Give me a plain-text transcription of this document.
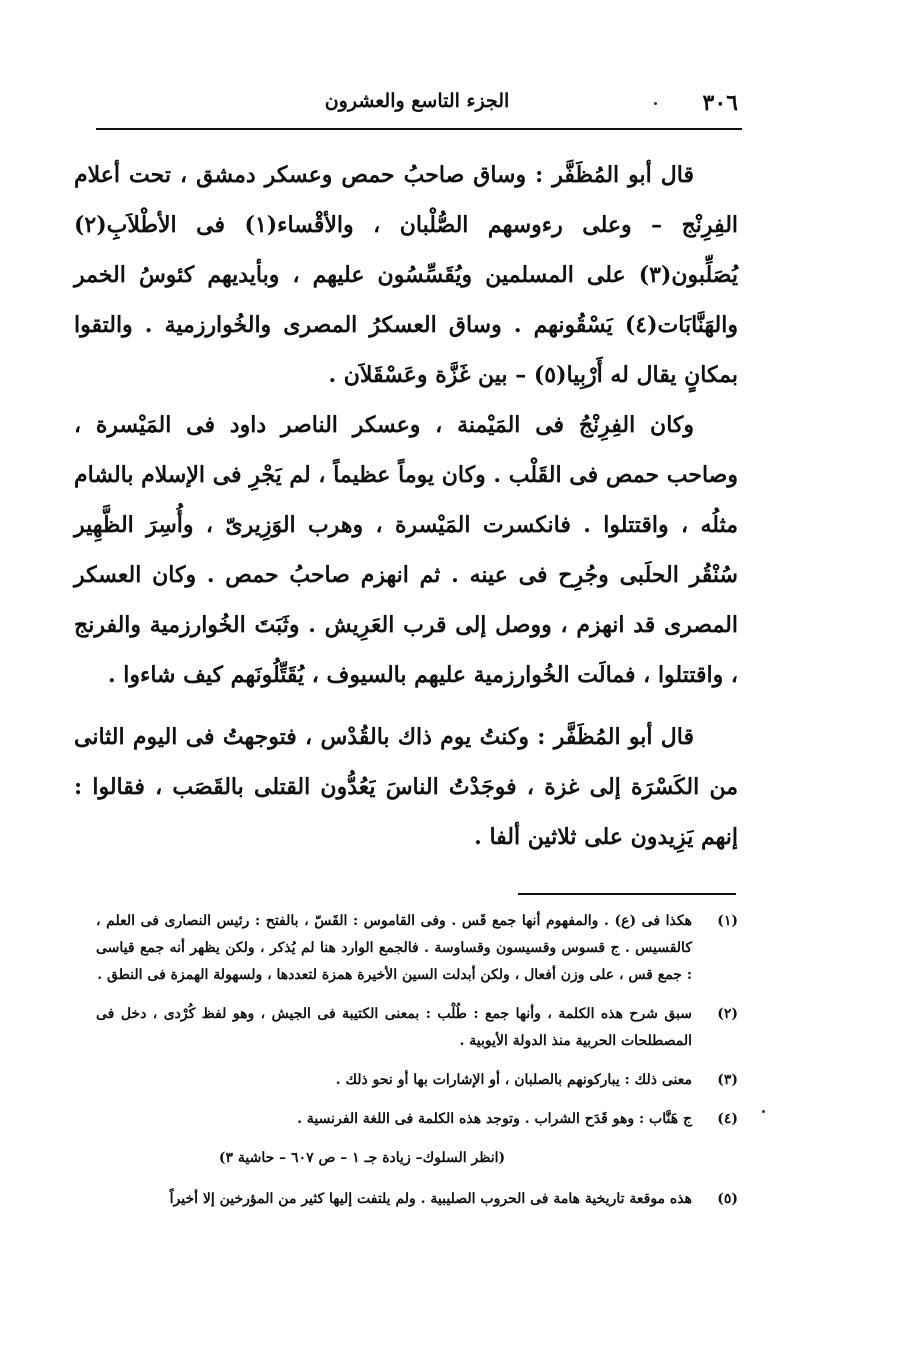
٣٠٦
الجزء التاسع والعشرون

قال أبو المُظَفَّر : وساق صاحبُ حمص وعسكر دمشق ، تحت أعلام الفِرِنْج – وعلى رءوسهم الصُّلْبان ، والأقْساء(١) فى الأطْلاَبِ(٢) يُصَلِّبون(٣) على المسلمين ويُقَسِّسُون عليهم ، وبأيديهم كئوسُ الخمر والهَنَّابَات(٤) يَسْقُونهم . وساق العسكرُ المصرى والخُوارزمية . والتقوا بمكانٍ يقال له أَرْبِيا(٥) – بين غَزَّة وعَسْقَلاَن .

وكان الفِرِنْجُ فى المَيْمنة ، وعسكر الناصر داود فى المَيْسرة ، وصاحب حمص فى القَلْب . وكان يوماً عظيماً ، لم يَجْرِ فى الإسلام بالشام مثلُه ، واقتتلوا . فانكسرت المَيْسرة ، وهرب الوَزِيرىّ ، وأُسِرَ الظَّهِير سُنْقُر الحلَبى وجُرِح فى عينه . ثم انهزم صاحبُ حمص . وكان العسكر المصرى قد انهزم ، ووصل إلى قرب العَرِيش . وثَبَتَ الخُوارزمية والفرنج ، واقتتلوا ، فمالَت الخُوارزمية عليهم بالسيوف ، يُقَتِّلُونَهم كيف شاءوا .

قال أبو المُظَفَّر : وكنتُ يوم ذاك بالقُدْس ، فتوجهتُ فى اليوم الثانى من الكَسْرَة إلى غزة ، فوجَدْتُ الناسَ يَعُدُّون القتلى بالقَصَب ، فقالوا : إنهم يَزِيدون على ثلاثين ألفا .

(١)
هكذا فى (ع) . والمفهوم أنها جمع قَس . وفى القاموس : القَسّ ، بالفتح : رئيس النصارى فى العلم ، كالقسيس . ج قسوس وقسيسون وقساوسة . فالجمع الوارد هنا لم يُذكر ، ولكن يظهر أنه جمع قياسى : جمع قس ، على وزن أفعال ، ولكن أبدلت السين الأخيرة همزة لتعددها ، ولسهولة الهمزة فى النطق .
(٢)
سبق شرح هذه الكلمة ، وأنها جمع : طُلْب : بمعنى الكتيبة فى الجيش ، وهو لفظ كُرْدى ، دخل فى المصطلحات الحربية منذ الدولة الأيوبية .
(٣)
معنى ذلك : يباركونهم بالصلبان ، أو الإشارات بها أو نحو ذلك .
(٤)
ج هَنَّاب : وهو قَدَح الشراب . وتوجد هذه الكلمة فى اللغة الفرنسية .
(انظر السلوك– زيادة جـ ١ – ص ٦٠٧ – حاشية ٣)
(٥)
هذه موقعة تاريخية هامة فى الحروب الصليبية . ولم يلتفت إليها كثير من المؤرخين إلا أخيراً
